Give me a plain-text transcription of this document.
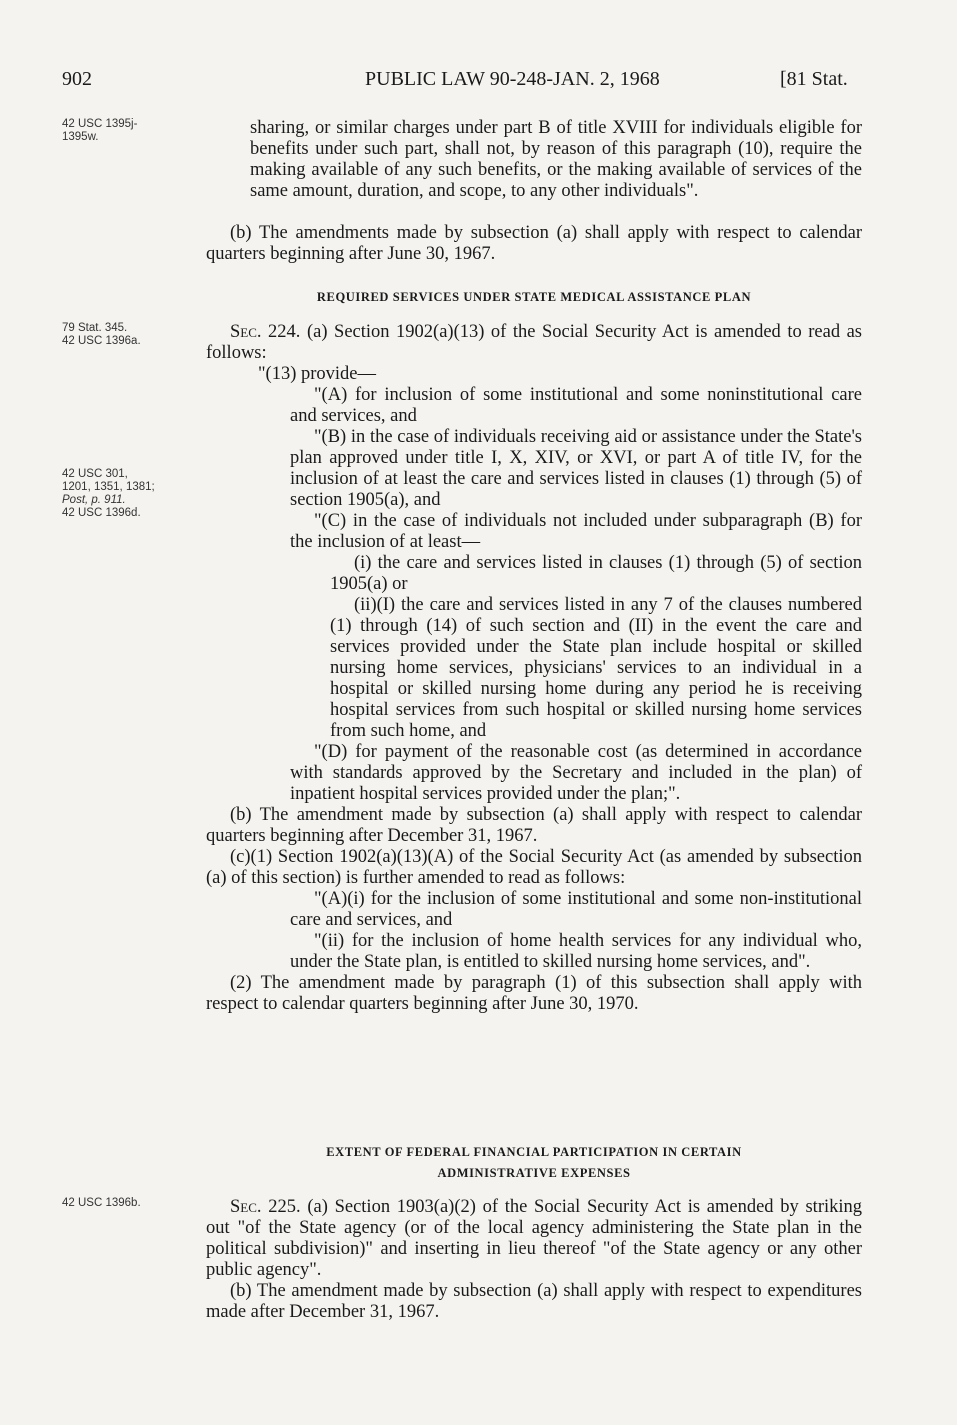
902	PUBLIC LAW 90-248-JAN. 2, 1968	[81 Stat.
42 USC 1395j-
1395w.
79 Stat. 345.
42 USC 1396a.
42 USC 301,
1201, 1351, 1381;
Post, p. 911.
42 USC 1396d.
42 USC 1396b.

sharing, or similar charges under part B of title XVIII for individuals eligible for benefits under such part, shall not, by reason of this paragraph (10), require the making available of any such benefits, or the making available of services of the same amount, duration, and scope, to any other individuals".

(b) The amendments made by subsection (a) shall apply with respect to calendar quarters beginning after June 30, 1967.

REQUIRED SERVICES UNDER STATE MEDICAL ASSISTANCE PLAN

Sec. 224. (a) Section 1902(a)(13) of the Social Security Act is amended to read as follows:

"(13) provide—

"(A) for inclusion of some institutional and some noninstitutional care and services, and

"(B) in the case of individuals receiving aid or assistance under the State's plan approved under title I, X, XIV, or XVI, or part A of title IV, for the inclusion of at least the care and services listed in clauses (1) through (5) of section 1905(a), and

"(C) in the case of individuals not included under subparagraph (B) for the inclusion of at least—

(i) the care and services listed in clauses (1) through (5) of section 1905(a) or

(ii)(I) the care and services listed in any 7 of the clauses numbered (1) through (14) of such section and (II) in the event the care and services provided under the State plan include hospital or skilled nursing home services, physicians' services to an individual in a hospital or skilled nursing home during any period he is receiving hospital services from such hospital or skilled nursing home services from such home, and

"(D) for payment of the reasonable cost (as determined in accordance with standards approved by the Secretary and included in the plan) of inpatient hospital services provided under the plan;".

(b) The amendment made by subsection (a) shall apply with respect to calendar quarters beginning after December 31, 1967.

(c)(1) Section 1902(a)(13)(A) of the Social Security Act (as amended by subsection (a) of this section) is further amended to read as follows:

"(A)(i) for the inclusion of some institutional and some non-institutional care and services, and

"(ii) for the inclusion of home health services for any individual who, under the State plan, is entitled to skilled nursing home services, and".

(2) The amendment made by paragraph (1) of this subsection shall apply with respect to calendar quarters beginning after June 30, 1970.

EXTENT OF FEDERAL FINANCIAL PARTICIPATION IN CERTAIN
ADMINISTRATIVE EXPENSES

Sec. 225. (a) Section 1903(a)(2) of the Social Security Act is amended by striking out "of the State agency (or of the local agency administering the State plan in the political subdivision)" and inserting in lieu thereof "of the State agency or any other public agency".

(b) The amendment made by subsection (a) shall apply with respect to expenditures made after December 31, 1967.
